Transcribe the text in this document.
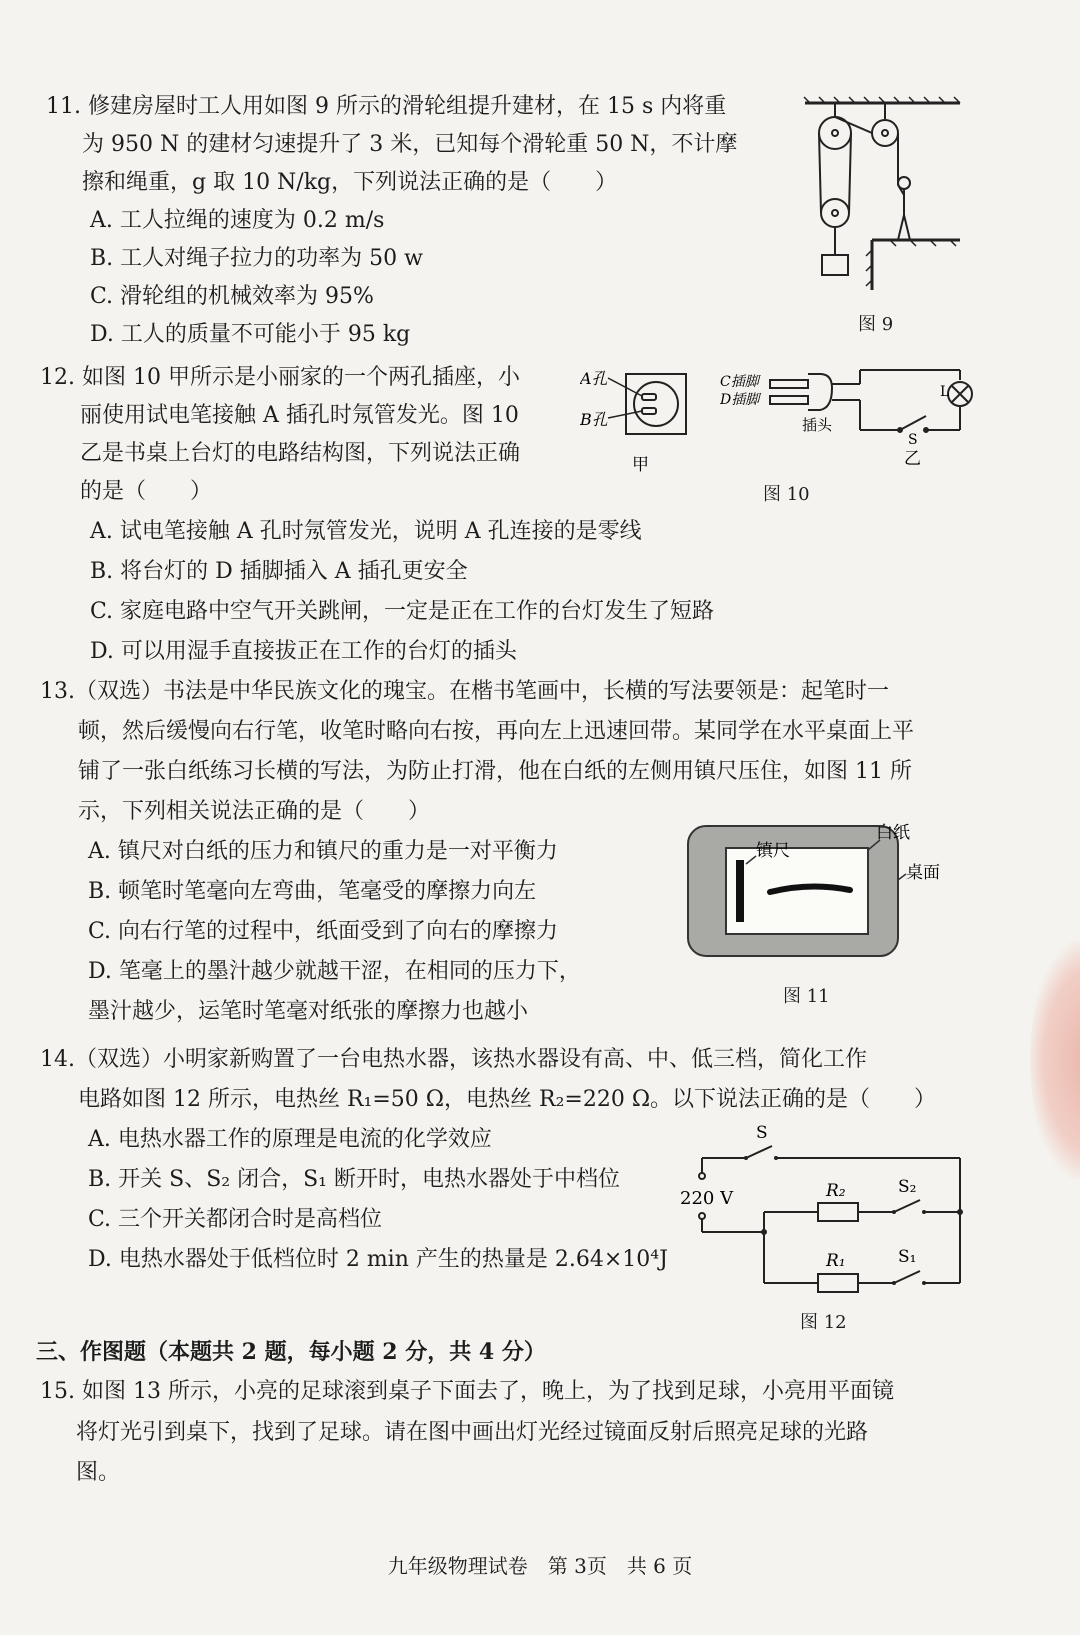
11. 修建房屋时工人用如图 9 所示的滑轮组提升建材，在 15 s 内将重
为 950 N 的建材匀速提升了 3 米，已知每个滑轮重 50 N，不计摩
擦和绳重，g 取 10 N/kg，下列说法正确的是（　　）
A. 工人拉绳的速度为 0.2 m/s
B. 工人对绳子拉力的功率为 50 w
C. 滑轮组的机械效率为 95%
D. 工人的质量不可能小于 95 kg	图 9
12. 如图 10 甲所示是小丽家的一个两孔插座，小
丽使用试电笔接触 A 插孔时氖管发光。图 10
乙是书桌上台灯的电路结构图，下列说法正确
的是（　　）
A. 试电笔接触 A 孔时氖管发光，说明 A 孔连接的是零线
B. 将台灯的 D 插脚插入 A 插孔更安全
C. 家庭电路中空气开关跳闸，一定是正在工作的台灯发生了短路
D. 可以用湿手直接拔正在工作的台灯的插头
A孔
B孔
甲
C插脚
D插脚
插头
L
S
乙
图 10
13.（双选）书法是中华民族文化的瑰宝。在楷书笔画中，长横的写法要领是：起笔时一
顿，然后缓慢向右行笔，收笔时略向右按，再向左上迅速回带。某同学在水平桌面上平
铺了一张白纸练习长横的写法，为防止打滑，他在白纸的左侧用镇尺压住，如图 11 所
示，下列相关说法正确的是（　　）
A. 镇尺对白纸的压力和镇尺的重力是一对平衡力
B. 顿笔时笔毫向左弯曲，笔毫受的摩擦力向左
C. 向右行笔的过程中，纸面受到了向右的摩擦力
D. 笔毫上的墨汁越少就越干涩，在相同的压力下，
墨汁越少，运笔时笔毫对纸张的摩擦力也越小
镇尺
白纸
桌面
图 11
14.（双选）小明家新购置了一台电热水器，该热水器设有高、中、低三档，简化工作
电路如图 12 所示，电热丝 R₁=50 Ω，电热丝 R₂=220 Ω。以下说法正确的是（　　）
A. 电热水器工作的原理是电流的化学效应
B. 开关 S、S₂ 闭合，S₁ 断开时，电热水器处于中档位
C. 三个开关都闭合时是高档位
D. 电热水器处于低档位时 2 min 产生的热量是 2.64×10⁴J
220 V
S
R₂	S₂
R₁	S₁
图 12
三、作图题（本题共 2 题，每小题 2 分，共 4 分）
15. 如图 13 所示，小亮的足球滚到桌子下面去了，晚上，为了找到足球，小亮用平面镜
将灯光引到桌下，找到了足球。请在图中画出灯光经过镜面反射后照亮足球的光路
图。
九年级物理试卷　第 3页　共 6 页
